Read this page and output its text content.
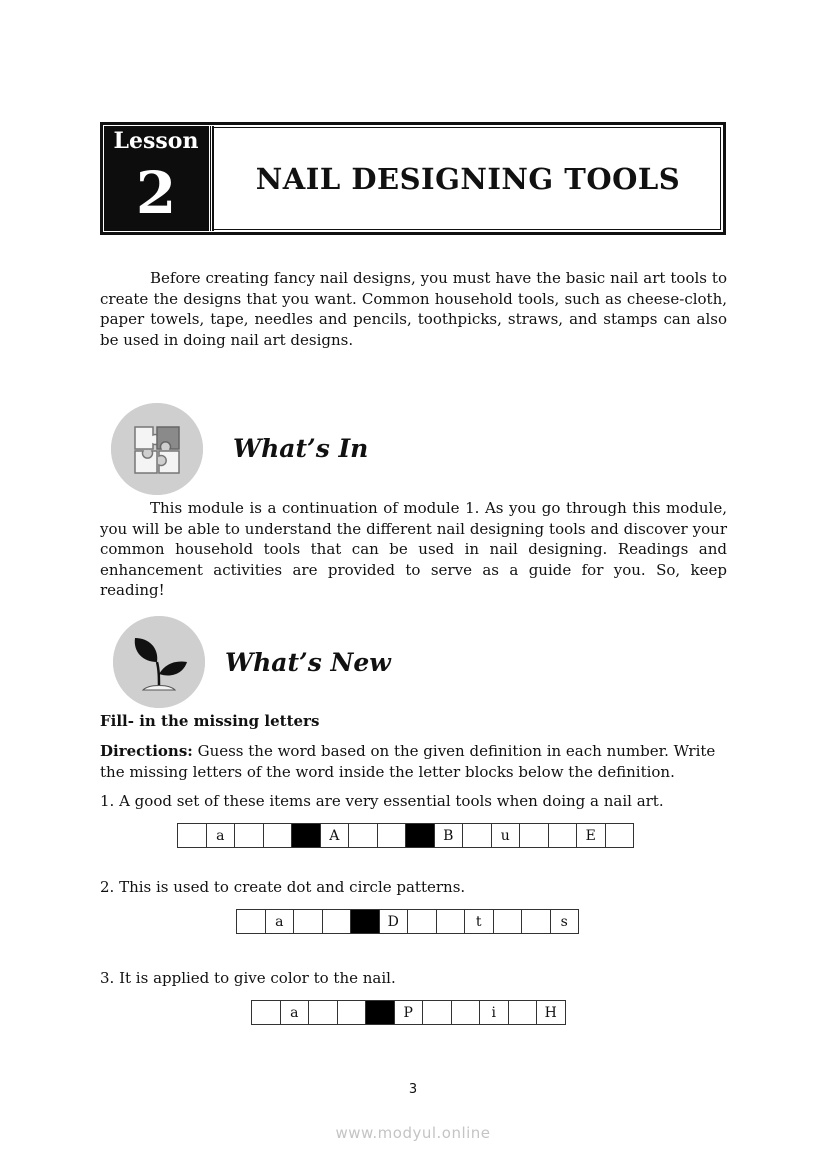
Lesson
2	NAIL DESIGNING TOOLS
Before creating fancy nail designs, you must have the basic nail art tools to create the designs that you want. Common household tools, such as cheese-cloth, paper towels, tape, needles and pencils, toothpicks, straws, and stamps can also be used in doing nail art designs.
What’s In
This module is a continuation of module 1. As you go through this module, you will be able to understand the different nail designing tools and discover your common household tools that can be used in nail designing. Readings and enhancement activities are provided to serve as a guide for you. So, keep reading!
What’s New
Fill- in the missing letters
Directions: Guess the word based on the given definition in each number. Write the missing letters of the word inside the letter blocks below the definition.
1. A good set of these items are very essential tools when doing a nail art.
a	A	B	u	E
2. This is used to create dot and circle patterns.
a	D	t	s
3. It is applied to give color to the nail.
a	P	i	H
3
www.modyul.online
